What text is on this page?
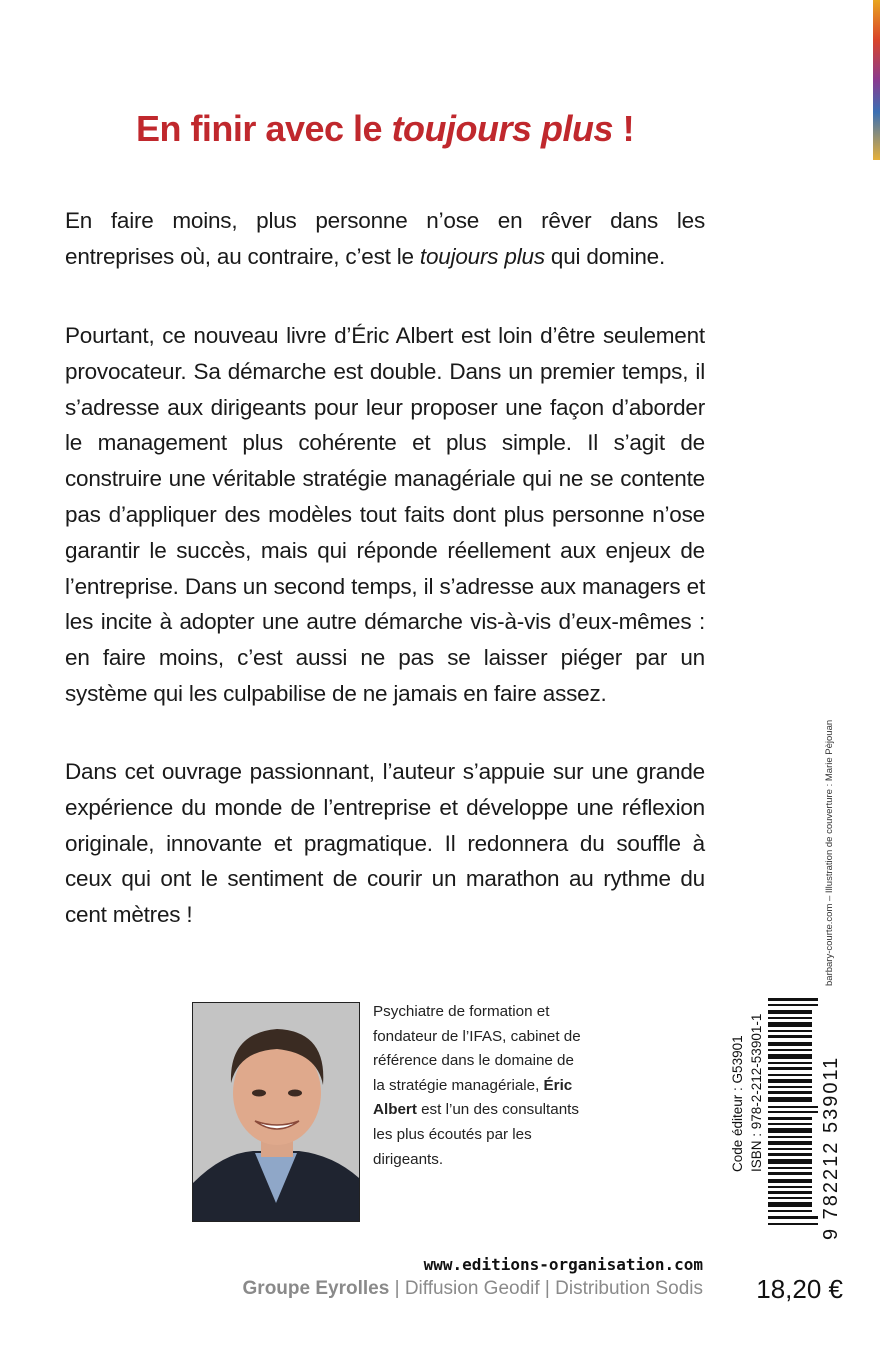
En finir avec le toujours plus !
En faire moins, plus personne n’ose en rêver dans les entreprises où, au contraire, c’est le toujours plus qui domine.
Pourtant, ce nouveau livre d’Éric Albert est loin d’être seulement provocateur. Sa démarche est double. Dans un premier temps, il s’adresse aux dirigeants pour leur proposer une façon d’aborder le management plus cohérente et plus simple. Il s’agit de construire une véritable stratégie managériale qui ne se contente pas d’appliquer des modèles tout faits dont plus personne n’ose garantir le succès, mais qui réponde réellement aux enjeux de l’entreprise. Dans un second temps, il s’adresse aux managers et les incite à adopter une autre démarche vis-à-vis d’eux-mêmes : en faire moins, c’est aussi ne pas se laisser piéger par un système qui les culpabilise de ne jamais en faire assez.
Dans cet ouvrage passionnant, l’auteur s’appuie sur une grande expérience du monde de l’entreprise et développe une réflexion originale, innovante et pragmatique. Il redonnera du souffle à ceux qui ont le sentiment de courir un marathon au rythme du cent mètres !
Psychiatre de formation et fondateur de l’IFAS, cabinet de référence dans le domaine de la stratégie managériale, Éric Albert est l’un des consultants les plus écoutés par les dirigeants.
www.editions-organisation.com
Groupe Eyrolles | Diffusion Geodif | Distribution Sodis 18,20 €
barbary-courte.com – Illustration de couverture : Marie Pèjouan
Code éditeur : G53901 ISBN : 978-2-212-53901-1	9 782212 539011
